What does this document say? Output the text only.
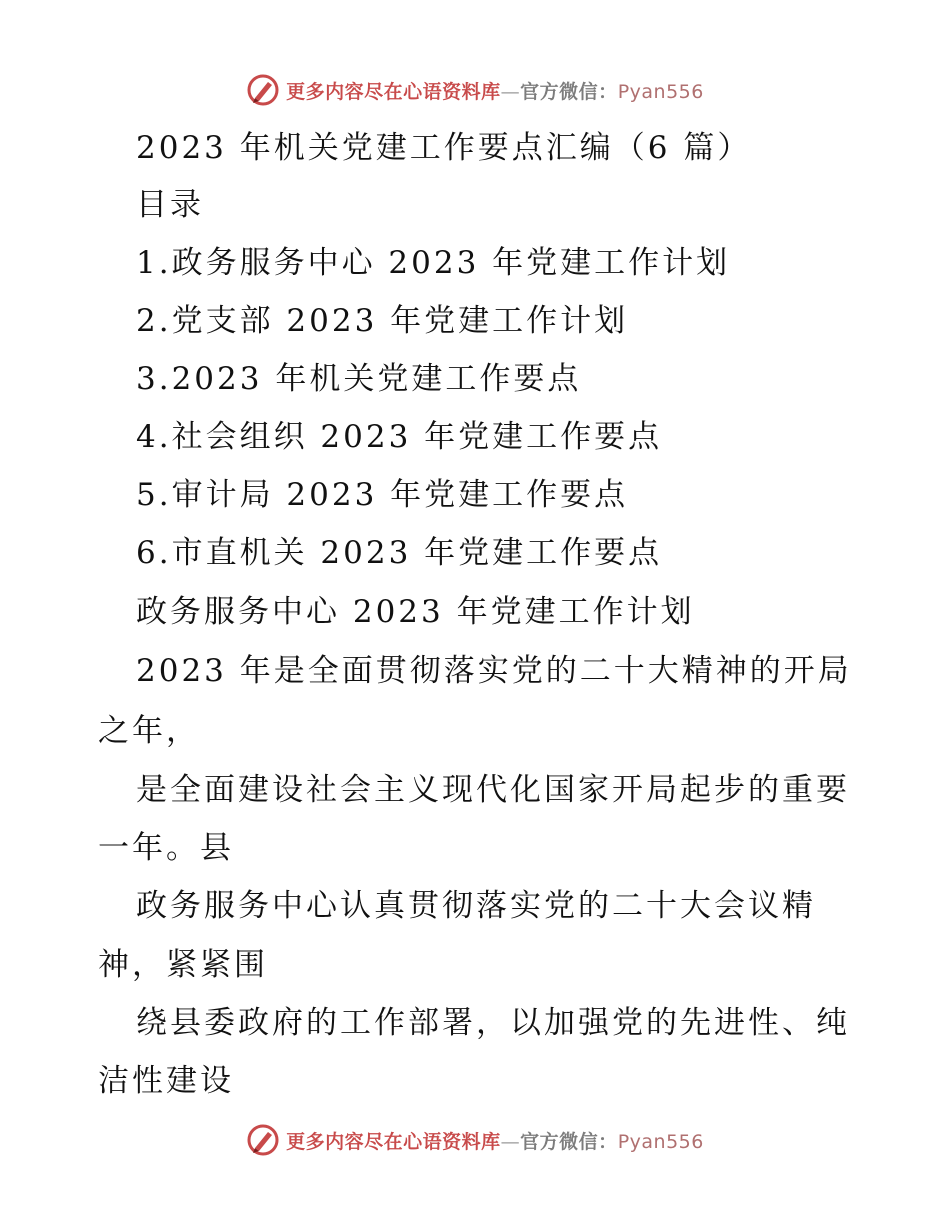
更多内容尽在心语资料库—官方微信：Pyan556
2023 年机关党建工作要点汇编（6 篇）
目录
1.政务服务中心 2023 年党建工作计划
2.党支部 2023 年党建工作计划
3.2023 年机关党建工作要点
4.社会组织 2023 年党建工作要点
5.审计局 2023 年党建工作要点
6.市直机关 2023 年党建工作要点
政务服务中心 2023 年党建工作计划
2023 年是全面贯彻落实党的二十大精神的开局
之年，
是全面建设社会主义现代化国家开局起步的重要
一年。县
政务服务中心认真贯彻落实党的二十大会议精
神，紧紧围
绕县委政府的工作部署，以加强党的先进性、纯
洁性建设
更多内容尽在心语资料库—官方微信：Pyan556
